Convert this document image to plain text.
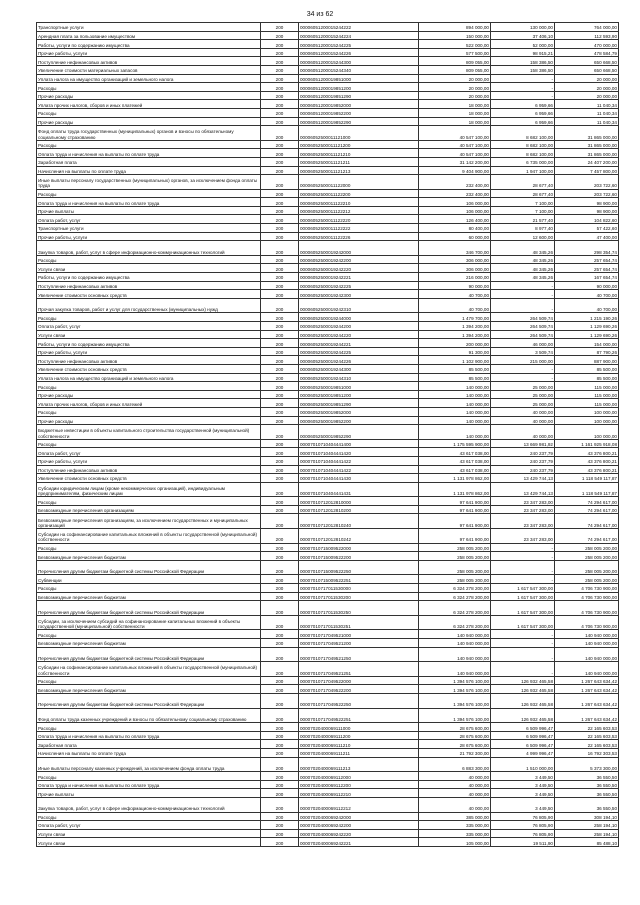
34 из 62
Транспортные услуги	200	00006051200015244222	894 000,00	130 000,00	764 000,00
Арендная плата за пользование имуществом	200	00006051200015244224	150 000,00	37 406,10	112 593,90
Работы, услуги по содержанию имущества	200	00006051200015244225	522 000,00	52 000,00	470 000,00
Прочие работы, услуги	200	00006051200015244226	577 500,00	98 915,21	478 584,79
Поступление нефинансовых активов	200	00006051200015244300	809 055,00	158 386,50	650 668,50
Увеличение стоимости материальных запасов	200	00006051200015244340	809 055,00	158 386,50	650 668,50
Уплата налога на имущество организаций и земельного налога	200	00006051200019851000	20 000,00	-	20 000,00
Расходы	200	00006051200019851200	20 000,00	-	20 000,00
Прочие расходы	200	00006051200019851290	20 000,00	-	20 000,00
Уплата прочих налогов, сборов и иных платежей	200	00006051200019852000	18 000,00	6 959,66	11 040,34
Расходы	200	00006051200019852200	18 000,00	6 959,66	11 040,34
Прочие расходы	200	00006051200019852290	18 000,00	6 959,66	11 040,34
Фонд оплаты труда государственных (муниципальных) органов и взносы по обязательному социальному страхованию	200	00006052500011121000	40 547 100,00	8 682 100,00	31 865 000,00
Расходы	200	00006052500011121200	40 547 100,00	8 682 100,00	31 865 000,00
Оплата труда и начисления на выплаты по оплате труда	200	00006052500011121210	40 547 100,00	8 682 100,00	31 865 000,00
Заработная плата	200	00006052500011121211	31 142 200,00	6 735 000,00	24 407 200,00
Начисления на выплаты по оплате труда	200	00006052500011121213	9 404 900,00	1 947 100,00	7 457 800,00
Иные выплаты персоналу государственных (муниципальных) органов, за исключением фонда оплаты труда	200	00006052500011122000	232 400,00	28 677,40	203 722,60
Расходы	200	00006052500011122200	232 400,00	28 677,40	203 722,60
Оплата труда и начисления на выплаты по оплате труда	200	00006052500011122210	106 000,00	7 100,00	98 900,00
Прочие выплаты	200	00006052500011122212	106 000,00	7 100,00	98 900,00
Оплата работ, услуг	200	00006052500011122220	126 400,00	21 577,40	104 822,60
Транспортные услуги	200	00006052500011122222	80 400,00	8 977,40	57 422,60
Прочие работы, услуги	200	00006052500011122226	60 000,00	12 600,00	47 400,00
Закупка товаров, работ, услуг в сфере информационно-коммуникационных технологий	200	00006052500019242000	346 700,00	48 345,26	298 354,74
Расходы	200	00006052500019242200	306 000,00	48 345,26	257 654,74
Услуги связи	200	00006052500019242220	306 000,00	48 345,26	257 654,74
Работы, услуги по содержанию имущества	200	00006052500019242221	216 000,00	48 345,26	167 654,74
Поступление нефинансовых активов	200	00006052500019242225	90 000,00	-	90 000,00
Увеличение стоимости основных средств	200	00006052500019242300	40 700,00	-	40 700,00
Прочая закупка товаров, работ и услуг для государственных (муниципальных) нужд	200	00006052500019242310	40 700,00	-	40 700,00
Расходы	200	00006052500019244000	1 479 700,00	264 509,74	1 215 190,26
Оплата работ, услуг	200	00006052500019244200	1 394 200,00	264 509,74	1 129 690,26
Услуги связи	200	00006052500019244220	1 394 200,00	264 509,74	1 129 690,26
Работы, услуги по содержанию имущества	200	00006052500019244221	200 000,00	46 000,00	154 000,00
Прочие работы, услуги	200	00006052500019244225	91 300,00	3 509,74	87 790,26
Поступление нефинансовых активов	200	00006052500019244226	1 102 900,00	215 000,00	887 900,00
Увеличение стоимости основных средств	200	00006052500019244300	85 500,00	-	85 500,00
Уплата налога на имущество организаций и земельного налога	200	00006052500019244310	85 500,00	-	85 500,00
Расходы	200	00006052500019851000	140 000,00	25 000,00	115 000,00
Прочие расходы	200	00006052500019851200	140 000,00	25 000,00	115 000,00
Уплата прочих налогов, сборов и иных платежей	200	00006052500019851290	140 000,00	25 000,00	115 000,00
Расходы	200	00006052500019852000	140 000,00	40 000,00	100 000,00
Прочие расходы	200	00006052500019852200	140 000,00	40 000,00	100 000,00
Бюджетные инвестиции в объекты капитального строительства государственной (муниципальной) собственности	200	00006052500019852290	140 000,00	40 000,00	100 000,00
Расходы	200	00007010710404441400	1 175 595 900,00	13 669 981,92	1 161 925 918,08
Оплата работ, услуг	200	00007010710404441420	43 617 038,00	240 237,79	43 376 800,21
Прочие работы, услуги	200	00007010710404441422	43 617 038,00	240 237,79	43 376 800,21
Поступление нефинансовых активов	200	00007010710404441422	43 617 038,00	240 237,79	43 376 800,21
Увеличение стоимости основных средств	200	00007010710404441430	1 131 978 862,00	13 429 744,13	1 118 549 117,87
Субсидии юридическим лицам (кроме некоммерческих организаций), индивидуальным предпринимателям, физическим лицам	200	00007010710404441431	1 131 978 862,00	13 429 744,13	1 118 549 117,87
Расходы	200	00007010712012810000	97 641 900,00	23 347 283,00	74 294 617,00
Безвозмездные перечисления организациям	200	00007010712012810200	97 641 900,00	23 347 283,00	74 294 617,00
Безвозмездные перечисления организациям, за исключением государственных и муниципальных организаций	200	00007010712012810240	97 641 900,00	23 347 283,00	74 294 617,00
Субсидии на софинансирование капитальных вложений в объекты государственной (муниципальной) собственности	200	00007010712012810242	97 641 900,00	23 347 283,00	74 294 617,00
Расходы	200	00007010715009522000	258 005 200,00	-	258 005 200,00
Безвозмездные перечисления бюджетам	200	00007010715009522200	258 005 200,00	-	258 005 200,00
Перечисления другим бюджетам бюджетной системы Российской Федерации	200	00007010715009522250	258 005 200,00	-	258 005 200,00
Субвенции	200	00007010715009522251	258 005 200,00	-	258 005 200,00
Расходы	200	00007010717011530000	6 324 278 200,00	1 617 547 300,00	4 706 730 900,00
Безвозмездные перечисления бюджетам	200	00007010717011530200	6 324 278 200,00	1 617 547 300,00	4 706 730 900,00
Перечисления другим бюджетам бюджетной системы Российской Федерации	200	00007010717011530250	6 324 278 200,00	1 617 547 300,00	4 706 730 900,00
Субсидии, за исключением субсидий на софинансирование капитальных вложений в объекты государственной (муниципальной) собственности	200	00007010717011530251	6 324 278 200,00	1 617 547 300,00	4 706 730 900,00
Расходы	200	00007010717049521000	140 940 000,00	-	140 940 000,00
Безвозмездные перечисления бюджетам	200	00007010717049521200	140 940 000,00	-	140 940 000,00
Перечисления другим бюджетам бюджетной системы Российской Федерации	200	00007010717049521250	140 940 000,00	-	140 940 000,00
Субсидии на софинансирование капитальных вложений в объекты государственной (муниципальной) собственности	200	00007010717049521251	140 940 000,00	-	140 940 000,00
Расходы	200	00007010717049522000	1 394 576 100,00	126 932 465,58	1 267 643 634,42
Безвозмездные перечисления бюджетам	200	00007010717049522200	1 394 576 100,00	126 932 465,58	1 267 643 634,42
Перечисления другим бюджетам бюджетной системы Российской Федерации	200	00007010717049522250	1 394 576 100,00	126 932 465,58	1 267 643 634,42
Фонд оплаты труда казенных учреждений и взносы по обязательному социальному страхованию	200	00007010717049522251	1 394 576 100,00	126 932 465,58	1 267 643 634,42
Расходы	200	00007020400069111000	28 675 600,00	6 509 996,47	22 165 603,53
Оплата труда и начисления на выплаты по оплате труда	200	00007020400069111200	28 675 600,00	6 509 996,47	22 165 603,53
Заработная плата	200	00007020400069111210	28 675 600,00	6 509 996,47	22 165 603,53
Начисления на выплаты по оплате труда	200	00007020400069111211	21 792 300,00	4 999 996,47	16 792 303,53
Иные выплаты персоналу казенных учреждений, за исключением фонда оплаты труда	200	00007020400069111213	6 883 300,00	1 510 000,00	5 373 300,00
Расходы	200	00007020400069112000	40 000,00	3 449,50	36 550,50
Оплата труда и начисления на выплаты по оплате труда	200	00007020400069112200	40 000,00	3 449,50	36 550,50
Прочие выплаты	200	00007020400069112210	40 000,00	3 449,50	36 550,50
Закупка товаров, работ, услуг в сфере информационно-коммуникационных технологий	200	00007020400069112212	40 000,00	3 449,50	36 550,50
Расходы	200	00007020400069242000	385 000,00	76 805,90	308 194,10
Оплата работ, услуг	200	00007020400069242200	335 000,00	76 805,90	258 194,10
Услуги связи	200	00007020400069242220	335 000,00	76 805,90	258 194,10
Услуги связи	200	00007020400069242221	105 000,00	19 511,90	85 488,10
